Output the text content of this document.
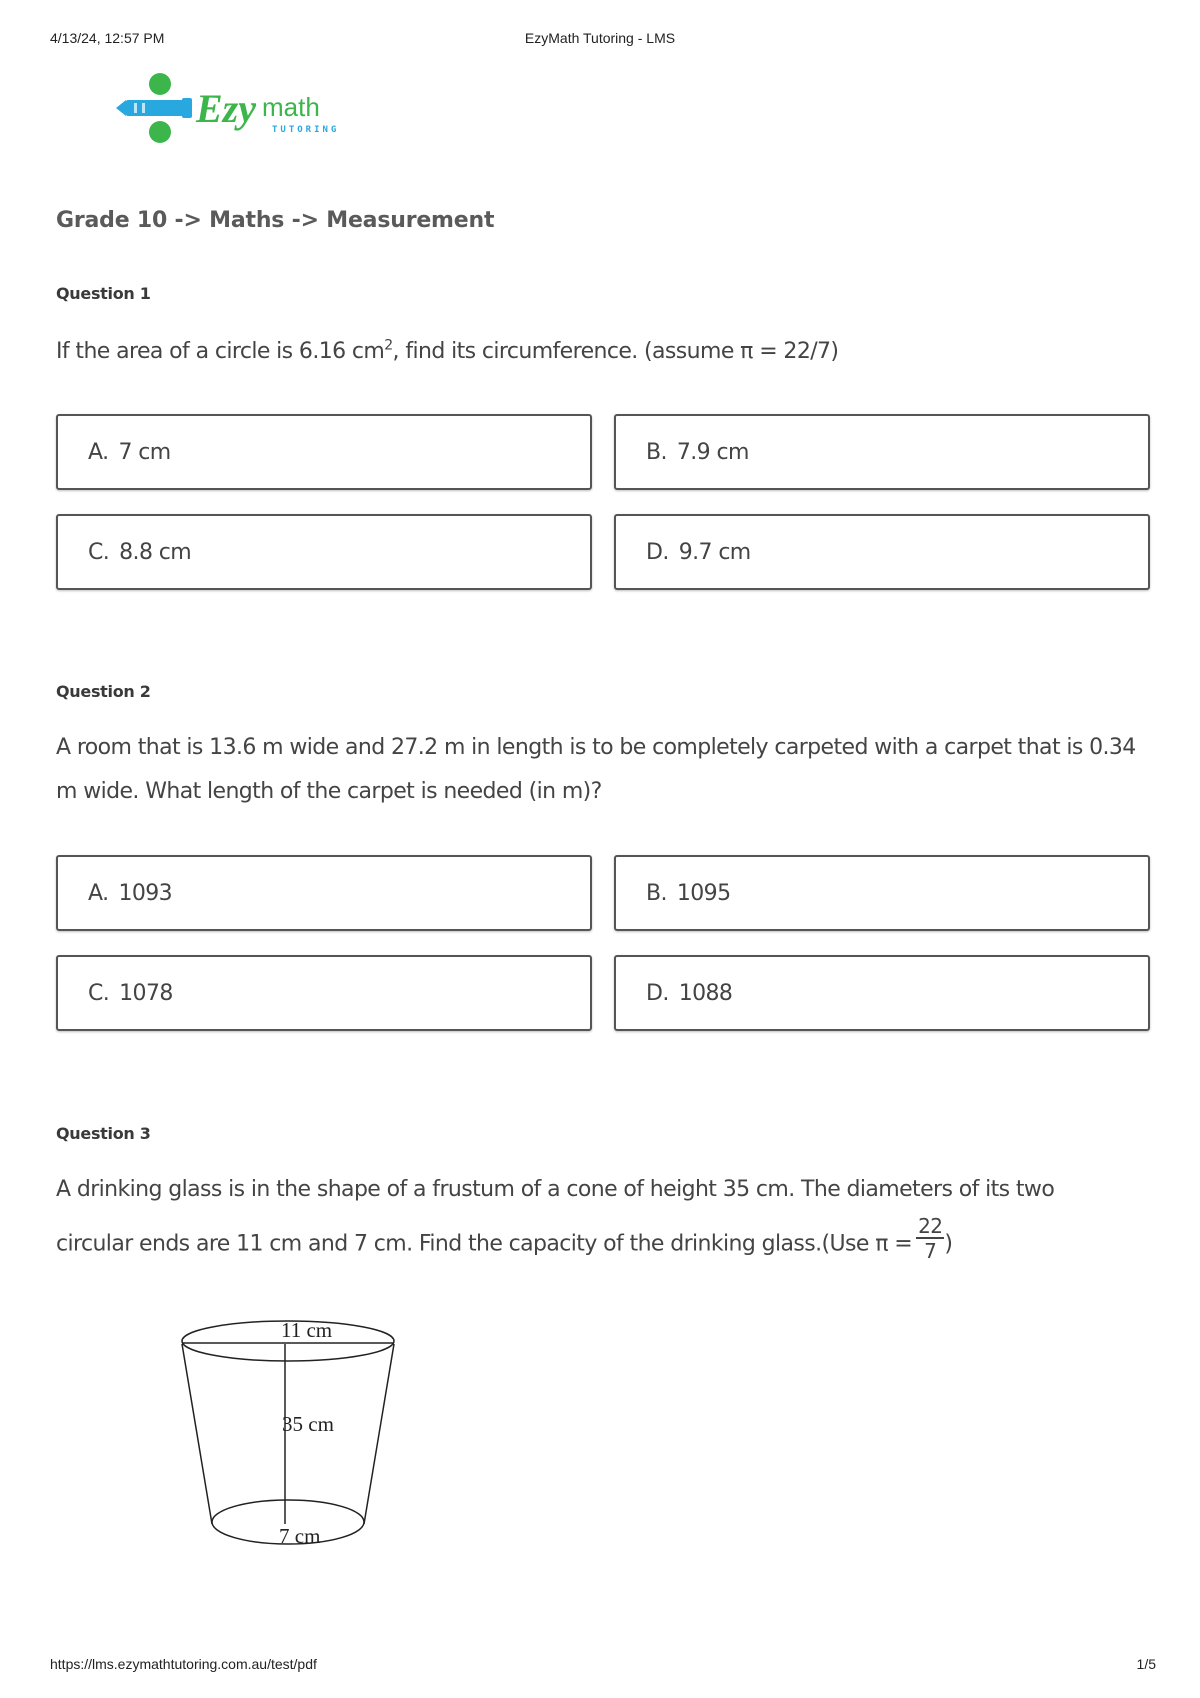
4/13/24, 12:57 PM	EzyMath Tutoring - LMS
Ezy math
TUTORING
Grade 10 -> Maths -> Measurement
Question 1
If the area of a circle is 6.16 $cm^2$, find its circumference. (assume π = 22/7)
A. 7 cm	B. 7.9 cm
C. 8.8 cm	D. 9.7 cm
Question 2
A room that is 13.6 m wide and 27.2 m in length is to be completely carpeted with a carpet that is 0.34 m wide. What length of the carpet is needed (in m)?
A. 1093	B. 1095
C. 1078	D. 1088
Question 3
A drinking glass is in the shape of a frustum of a cone of height 35 cm. The diameters of its two
circular ends are 11 cm and 7 cm. Find the capacity of the drinking glass.(Use $\pi = \frac{22}{7}$ )
11 cm
35 cm
7 cm
https://lms.ezymathtutoring.com.au/test/pdf	1/5
